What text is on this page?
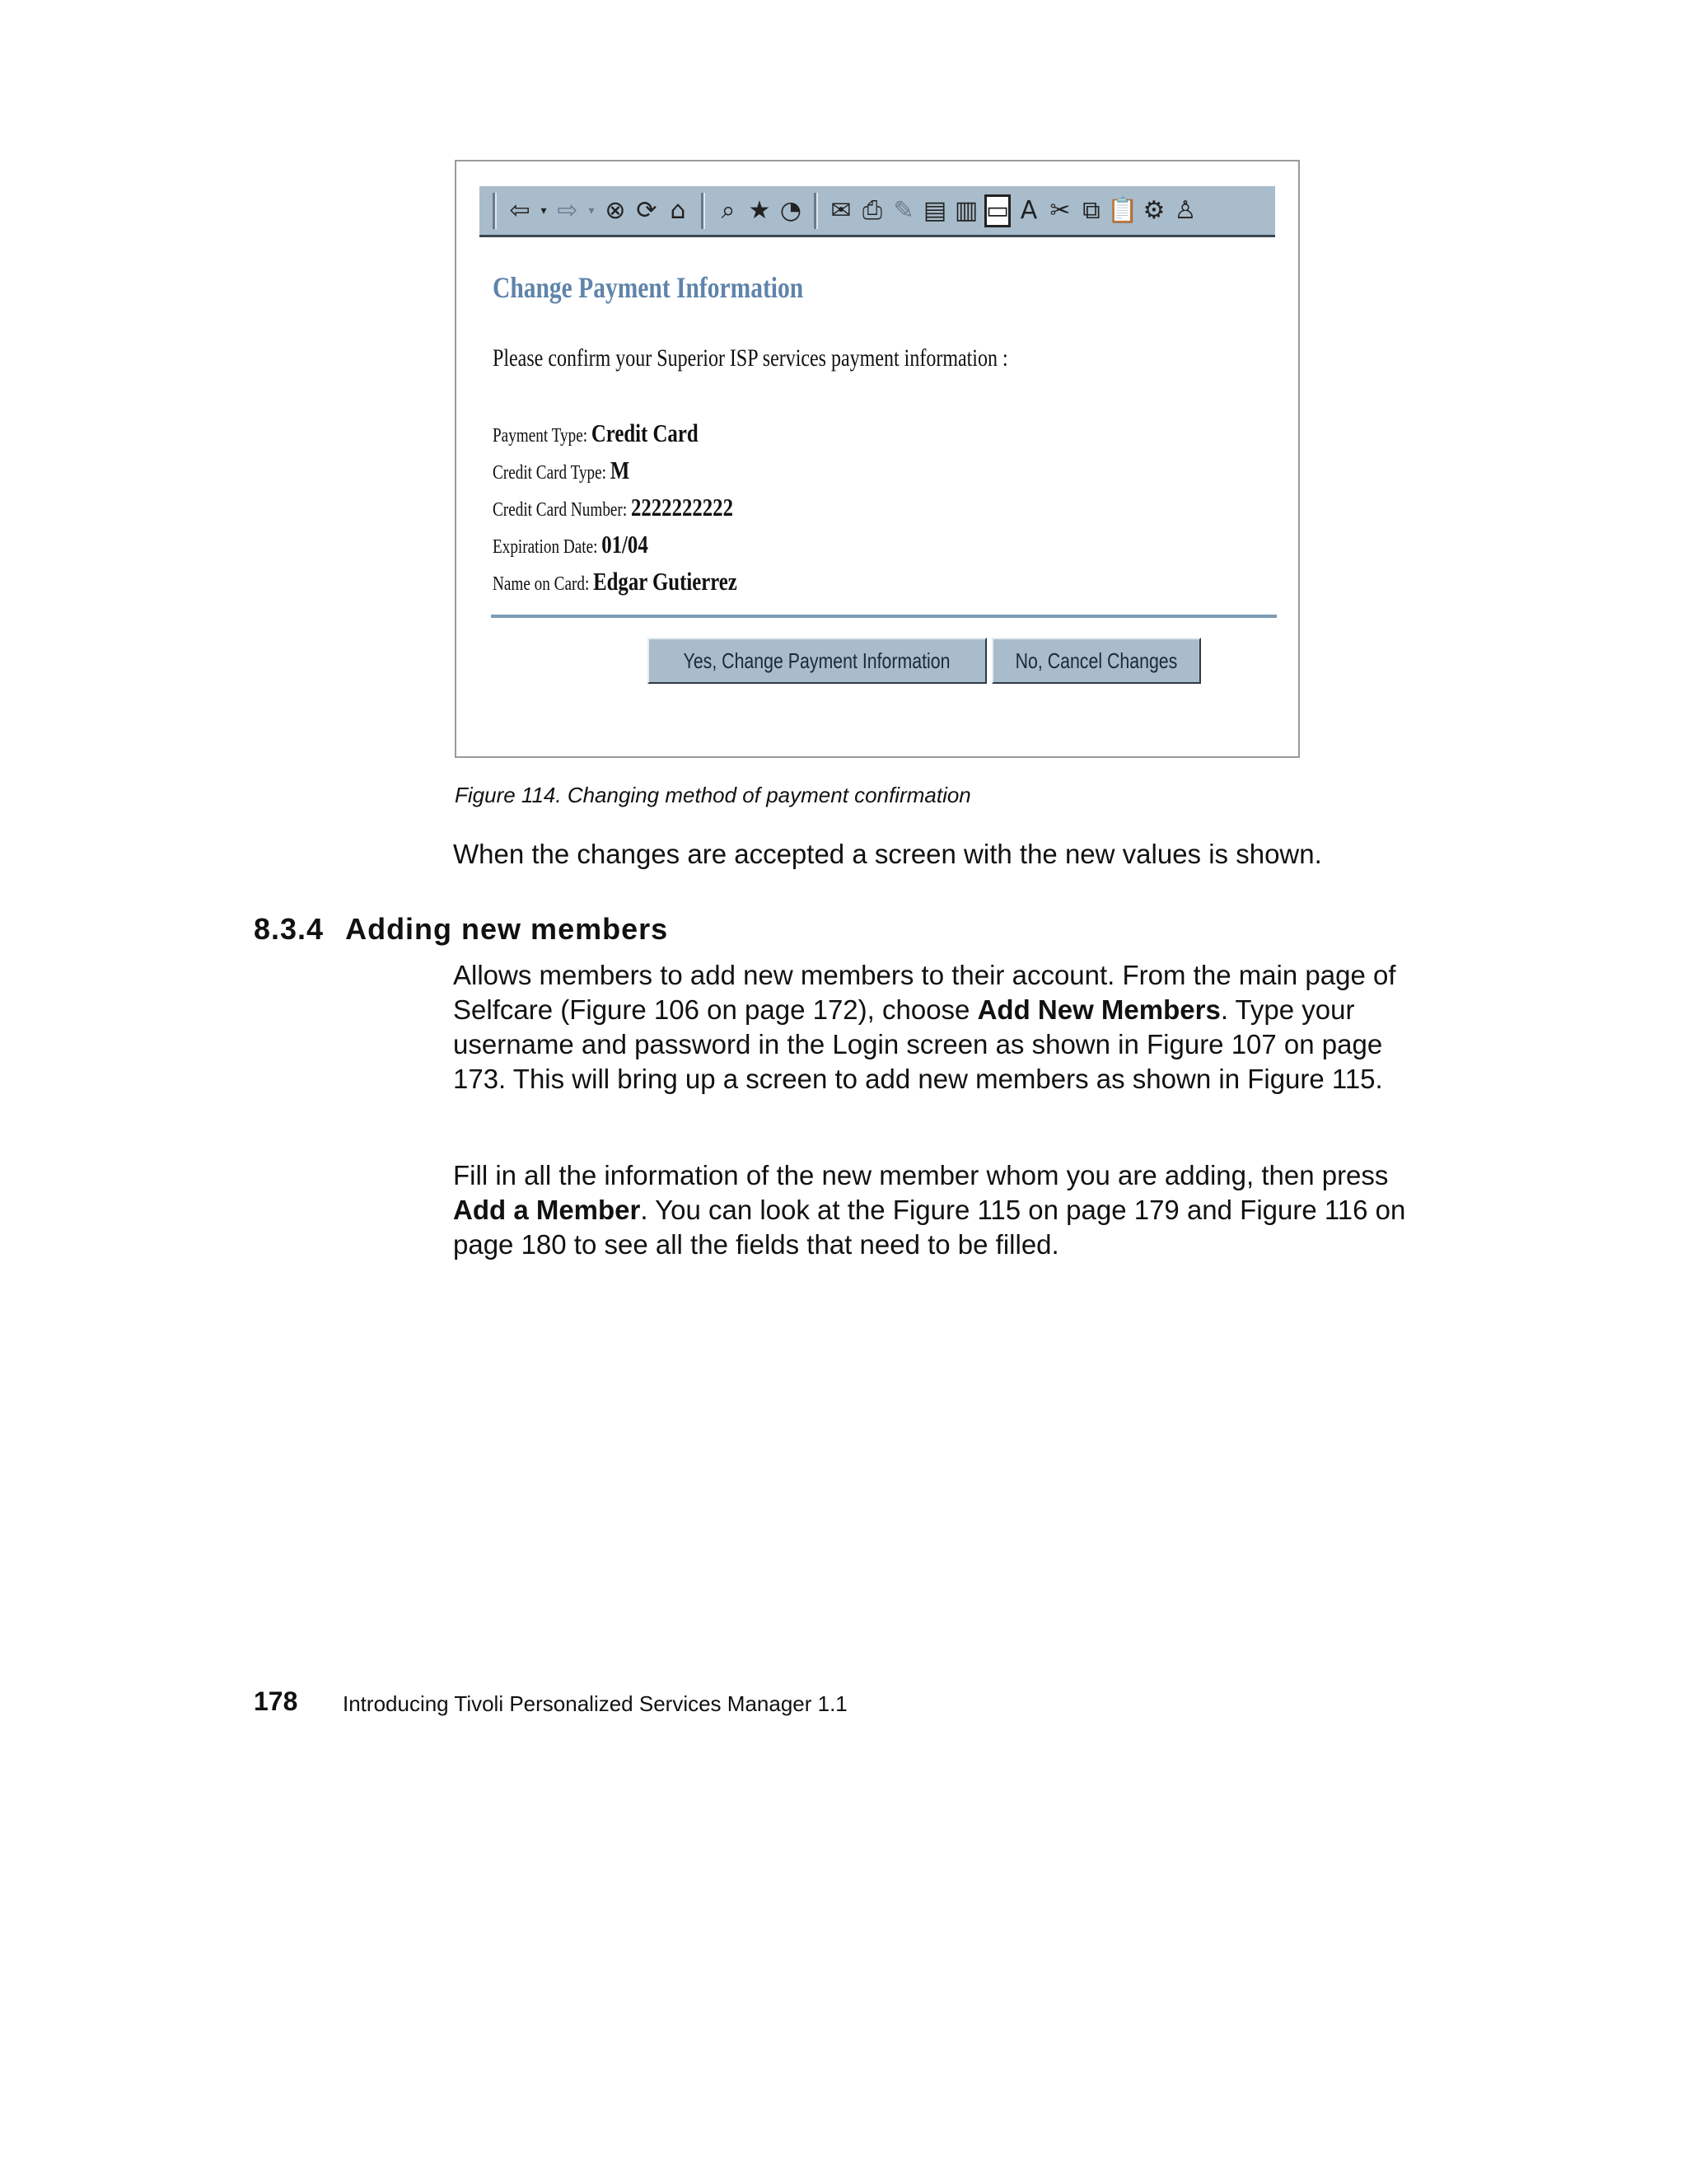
⇦ ▾ ⇨ ▾ ⊗ ⟳ ⌂ ⌕ ★ ◔ ✉ ⎙ ✎ ▤ ▥ ▭ A ✂ ⧉ 📋 ⚙ ♙
Change Payment Information
Please confirm your Superior ISP services payment information :
Payment Type: Credit Card
Credit Card Type: M
Credit Card Number: 2222222222
Expiration Date: 01/04
Name on Card: Edgar Gutierrez
Yes, Change Payment Information	No, Cancel Changes
Figure 114. Changing method of payment confirmation
When the changes are accepted a screen with the new values is shown.
8.3.4 Adding new members
Allows members to add new members to their account. From the main page of Selfcare (Figure 106 on page 172), choose Add New Members. Type your username and password in the Login screen as shown in Figure 107 on page 173. This will bring up a screen to add new members as shown in Figure 115.
Fill in all the information of the new member whom you are adding, then press Add a Member. You can look at the Figure 115 on page 179 and Figure 116 on page 180 to see all the fields that need to be filled.
178 Introducing Tivoli Personalized Services Manager 1.1
